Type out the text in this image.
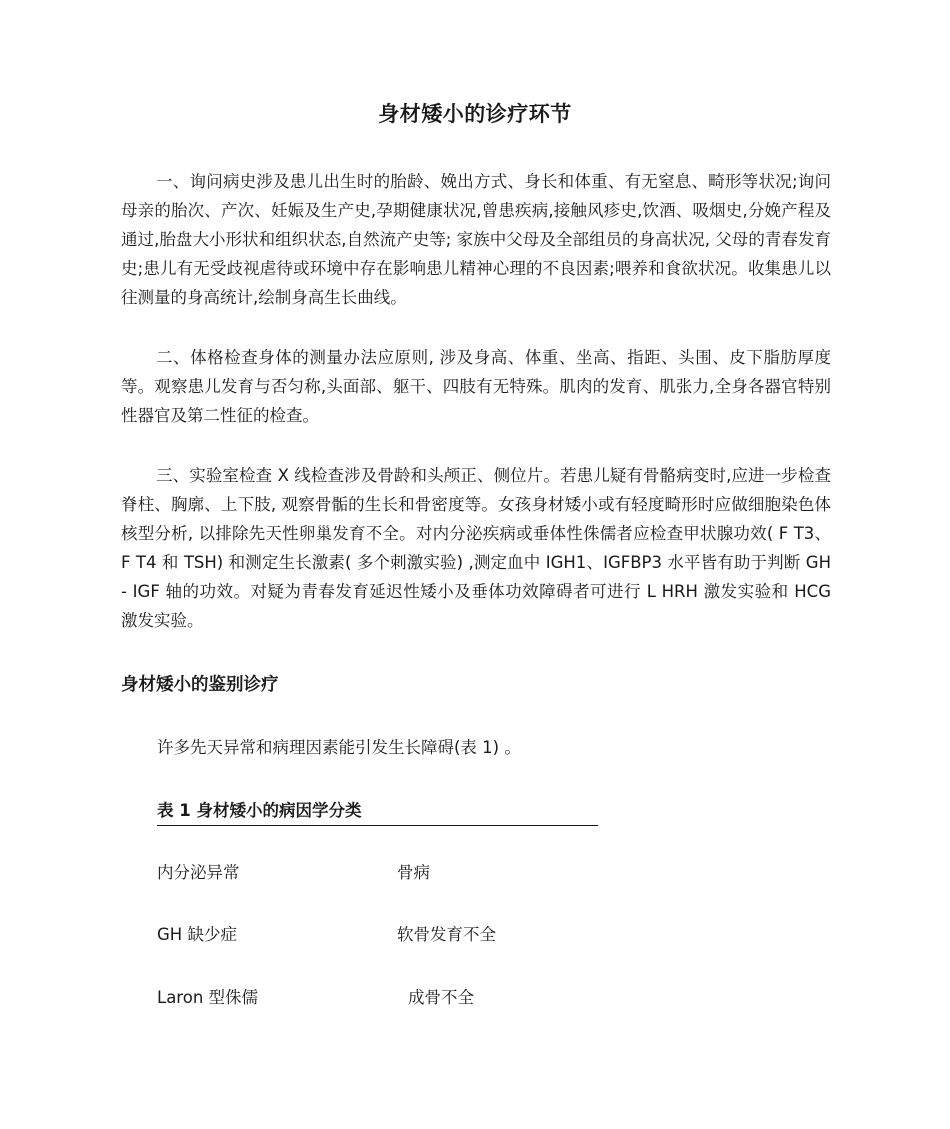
身材矮小的诊疗环节

一、询问病史涉及患儿出生时的胎龄、娩出方式、身长和体重、有无窒息、畸形等状况;询问母亲的胎次、产次、妊娠及生产史,孕期健康状况,曾患疾病,接触风疹史,饮酒、吸烟史,分娩产程及通过,胎盘大小形状和组织状态,自然流产史等; 家族中父母及全部组员的身高状况, 父母的青春发育史;患儿有无受歧视虐待或环境中存在影响患儿精神心理的不良因素;喂养和食欲状况。收集患儿以往测量的身高统计,绘制身高生长曲线。

二、体格检查身体的测量办法应原则, 涉及身高、体重、坐高、指距、头围、皮下脂肪厚度等。观察患儿发育与否匀称,头面部、躯干、四肢有无特殊。肌肉的发育、肌张力,全身各器官特别性器官及第二性征的检查。

三、实验室检查 X 线检查涉及骨龄和头颅正、侧位片。若患儿疑有骨骼病变时,应进一步检查脊柱、胸廓、上下肢, 观察骨骺的生长和骨密度等。女孩身材矮小或有轻度畸形时应做细胞染色体核型分析, 以排除先天性卵巢发育不全。对内分泌疾病或垂体性侏儒者应检查甲状腺功效( F T3、F T4 和 TSH) 和测定生长激素( 多个刺激实验) ,测定血中 IGH1、IGFBP3 水平皆有助于判断 GH - IGF 轴的功效。对疑为青春发育延迟性矮小及垂体功效障碍者可进行 L HRH 激发实验和 HCG 激发实验。

身材矮小的鉴别诊疗
许多先天异常和病理因素能引发生长障碍(表 1) 。
表 1 身材矮小的病因学分类
内分泌异常	骨病
GH 缺少症	软骨发育不全
Laron 型侏儒	成骨不全
